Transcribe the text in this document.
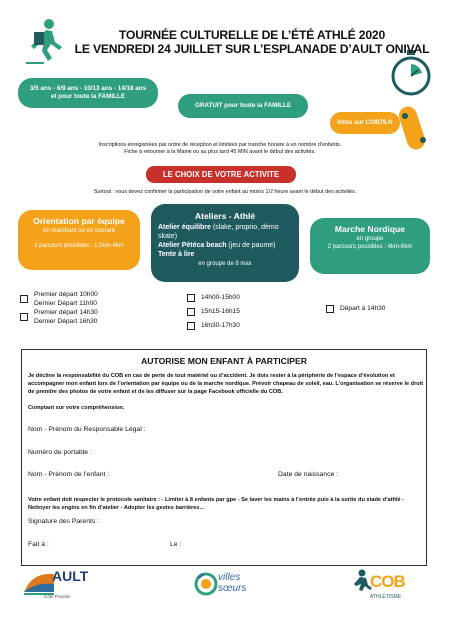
TOURNÉE CULTURELLE DE L’ÉTÉ ATHLÉ 2020
LE VENDREDI 24 JUILLET SUR L’ESPLANADE D’AULT ONIVAL
3/5 ans - 6/9 ans - 10/13 ans - 14/18 ans
et pour toute la FAMILLE
GRATUIT pour toute la FAMILLE
Infos sur COB76.fr
Inscriptions enregistrées par ordre de réception et limitées par tranche horaire à un nombre d’enfants.
Fiche à retourner à la Mairie ou au plus tard 45 MIN avant le début des activités.
LE CHOIX DE VOTRE ACTIVITE
Surtout : vous devez confirmer la participation de votre enfant au moins 1/2 heure avant le début des activités.
Orientation par équipe
en marchant ou en courant
2 parcours possibles : 1,5km-4km
Ateliers - Athlé
Atelier équilibre (slake, proprio, démo skate)
Atelier Pétéca beach (jeu de paume)
Tente à lire
en groupe de 8 max
Marche Nordique
en groupe
2 parcours possibles : 4km-6km
Premier départ 10h00
Dernier Départ 11h00
Premier départ 14h30
Dernier Départ 16h30
14h00-15h00
15h15-16h15
16h30-17h30
Départ à 14h30
AUTORISE MON ENFANT À PARTICIPER
Je décline la responsabilité du COB en cas de perte de tout matériel ou d’accident. Je dois rester à la périphérie de l’espace d’évolution et accompagner mon enfant lors de l’orientation par équipe ou de la marche nordique. Prévoir chapeau de soleil, eau. L’organisation se réserve le droit de prendre des photos de votre enfant et de les diffuser sur la page Facebook officielle du COB.
Comptant sur votre compréhension.
Nom - Prénom du Responsable Légal :
Numéro de portable :
Nom - Prénom de l’enfant :	Date de naissance :
Votre enfant doit respecter le protocole sanitaire : - Limiter à 8 enfants par gpe - Se laver les mains à l’entrée puis à la sortie du stade d’athlé - Nettoyer les engins en fin d’atelier - Adopter les gestes barrières...
Signature des Parents :
Fait à :	Le :
AULT
Côte Picarde
villes
sœurs	COB
ATHLÉTISME
